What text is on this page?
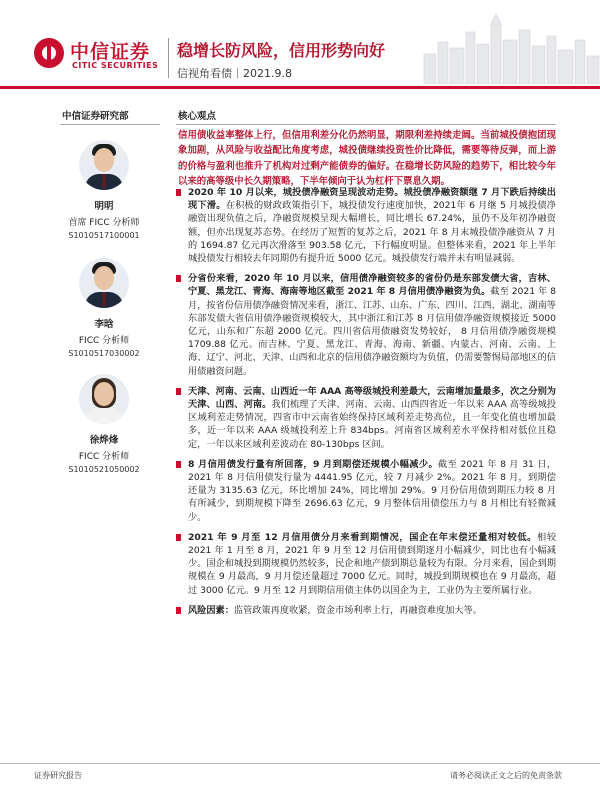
中信证券
CITIC SECURITIES
稳增长防风险，信用形势向好
信视角看债｜2021.9.8
中信证券研究部
明明
首席 FICC 分析师
S1010517100001
李晗
FICC 分析师
S1010517030002
徐烨烽
FICC 分析师
S1010521050002
核心观点

信用债收益率整体上行，但信用利差分化仍然明显，期限利差持续走阔。当前城投债抱团现象加剧，从风险与收益配比角度考虑，城投债继续投资性价比降低，需要等待反弹，而上游的价格与盈利也推升了机构对过剩产能债券的偏好。在稳增长防风险的趋势下，相比较今年以来的高等级中长久期策略，下半年倾向于认为杠杆下票息久期。

2020 年 10 月以来，城投债净融资呈现波动走势。城投债净融资额继 7 月下跌后持续出现下滑。在积极的财政政策指引下，城投债发行速度加快，2021年 6 月继 5 月城投债净融资出现负值之后，净融资规模呈现大幅增长，同比增长 67.24%，虽仍不及年初净融资额，但亦出现复苏态势。在经历了短暂的复苏之后，2021 年 8 月末城投债净融资从 7 月的 1694.87 亿元再次滑落至 903.58 亿元，下行幅度明显。但整体来看，2021 年上半年城投债发行相较去年同期仍有提升近 5000 亿元。城投债发行端并未有明显减弱。
分省份来看，2020 年 10 月以来，信用债净融资较多的省份仍是东部发债大省，吉林、宁夏、黑龙江、青海、海南等地区截至 2021 年 8 月信用债净融资为负。截至 2021 年 8 月，按省份信用债净融资情况来看，浙江、江苏、山东、广东、四川、江西、湖北、湖南等东部发债大省信用债净融资规模较大，其中浙江和江苏 8 月信用债净融资规模接近 5000 亿元，山东和广东超 2000 亿元。四川省信用债融资发势较好， 8 月信用债净融资规模 1709.88 亿元。而吉林、宁夏、黑龙江、青海、海南、新疆、内蒙古、河南、云南、上海、辽宁、河北、天津、山西和北京的信用债净融资额均为负值，仍需要警惕局部地区的信用债融资问题。
天津、河南、云南、山西近一年 AAA 高等级城投利差最大，云南增加量最多，次之分别为天津、山西、河南。我们梳理了天津、河南、云南、山西四省近一年以来 AAA 高等级城投区域利差走势情况，四省市中云南省始终保持区域利差走势高位，且一年变化值也增加最多，近一年以来 AAA 级城投利差上升 834bps。河南省区域利差水平保持相对低位且稳定，一年以来区域利差波动在 80-130bps 区间。
8 月信用债发行量有所回落，9 月到期偿还规模小幅减少。截至 2021 年 8 月 31 日，2021 年 8 月信用债发行量为 4441.95 亿元，较 7 月减少 2%。2021 年 8 月，到期偿还量为 3135.63 亿元，环比增加 24%，同比增加 29%。9 月份信用债到期压力较 8 月有所减少，到期规模下降至 2696.63 亿元，9 月整体信用债偿压力与 8 月相比有轻微减少。
2021 年 9 月至 12 月信用债分月来看到期情况，国企在年末偿还量相对较低。相较 2021 年 1 月至 8 月，2021 年 9 月至 12 月信用债到期逐月小幅减少，同比也有小幅减少。国企和城投到期规模仍然较多，民企和地产债到期总量较为有限。分月来看，国企到期规模在 9 月最高，9 月月偿还量超过 7000 亿元。同时，城投到期规模也在 9 月最高，超过 3000 亿元。9 月至 12 月到期信用债主体仍以国企为主，工业仍为主要所属行业。
风险因素：监管政策再度收紧，资金市场利率上行，再融资难度加大等。
证券研究报告	请务必阅读正文之后的免责条款
